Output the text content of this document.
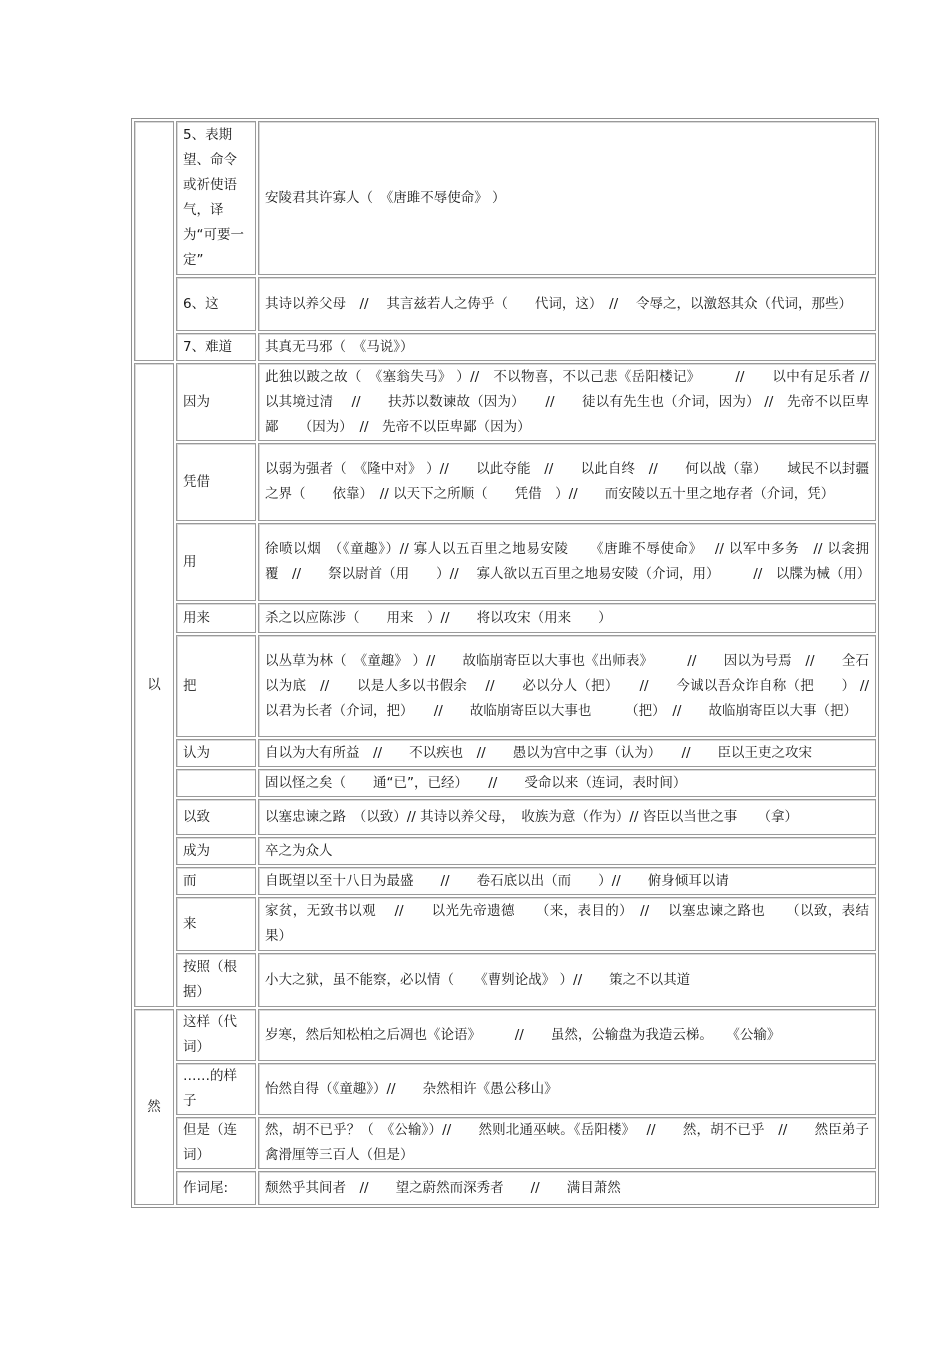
	5、表期望、命令或祈使语气，译为“可要一定”	安陵君其许寡人（　《唐雎不辱使命》 ）
	6、这	其诗以养父母　//　 其言兹若人之俦乎（　　代词，这）　//　 令辱之，以激怒其众（代词，那些）
	7、难道	其真无马邪（　《马说》）
以	因为	此独以跛之故（　《塞翁失马》 ）//　不以物喜，不以己悲《岳阳楼记》　　　//　　以中有足乐者 //　　以其境过清　 //　　扶苏以数谏故（因为）　　//　　徒以有先生也（介词，因为） //　先帝不以臣卑鄙　　（因为）　//　先帝不以臣卑鄙（因为）
	凭借	以弱为强者（　《隆中对》 ）//　　以此夺能　//　　以此自终　//　　何以战（靠）　　域民不以封疆之界（　　依靠）　// 以天下之所顺（　　凭借　）//　　而安陵以五十里之地存者（介词，凭）
	用	徐喷以烟　（《童趣》）// 寡人以五百里之地易安陵　　《唐雎不辱使命》　 // 以军中多务　// 以衾拥覆　//　　祭以尉首（用　　）//　 寡人欲以五百里之地易安陵（介词，用）　　　//　以牒为械（用）
	用来	杀之以应陈涉（　　用来　）//　　将以攻宋（用来　　）
	把	以丛草为林（　《童趣》 ）//　　故临崩寄臣以大事也《出师表》　　　//　　因以为号焉　//　　全石以为底　//　　以是人多以书假余　 //　　必以分人（把）　　//　　今诚以吾众诈自称（把　　） //　　以君为长者（介词，把）　　//　　故临崩寄臣以大事也　　　（把）　//　　故临崩寄臣以大事（把）
	认为	自以为大有所益　//　　不以疾也　//　　愚以为宫中之事（认为）　　//　　臣以王吏之攻宋
		固以怪之矣（　　通“已”，已经）　　//　　受命以来（连词，表时间）
	以致	以塞忠谏之路　（以致）// 其诗以养父母，　收族为意（作为）// 咨臣以当世之事　　（拿）
	成为	卒之为众人
	而	自既望以至十八日为最盛　　//　　卷石底以出（而　　）//　　俯身倾耳以请
	来	家贫，无致书以观　 //　　以光先帝遗德　　（来，表目的）　//　 以塞忠谏之路也　　（以致，表结果）
	按照（根据）	小大之狱，虽不能察，必以情（　　《曹刿论战》 ）//　　策之不以其道
然	这样（代词）	岁寒，然后知松柏之后凋也《论语》　　　//　　虽然，公输盘为我造云梯。　　《公输》
	……的样子	怡然自得（《童趣》）//　　杂然相许《愚公移山》
	但是（连词）	然，胡不已乎？（　《公输》）//　　然则北通巫峡。《岳阳楼》　 //　　然，胡不已乎　//　　然臣弟子禽滑厘等三百人（但是）
	作词尾:	颓然乎其间者　//　　望之蔚然而深秀者　　//　　满目萧然
